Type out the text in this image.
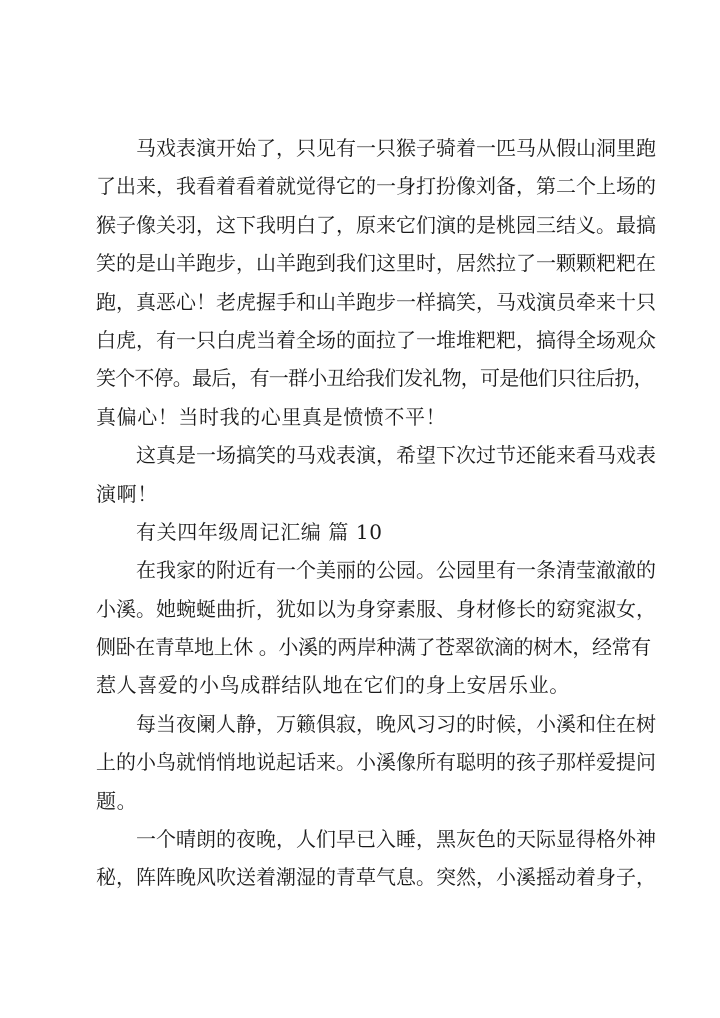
马戏表演开始了，只见有一只猴子骑着一匹马从假山洞里跑
了出来，我看着看着就觉得它的一身打扮像刘备，第二个上场的
猴子像关羽，这下我明白了，原来它们演的是桃园三结义。最搞
笑的是山羊跑步，山羊跑到我们这里时，居然拉了一颗颗粑粑在
跑，真恶心！老虎握手和山羊跑步一样搞笑，马戏演员牵来十只
白虎，有一只白虎当着全场的面拉了一堆堆粑粑，搞得全场观众
笑个不停。最后，有一群小丑给我们发礼物，可是他们只往后扔，
真偏心！当时我的心里真是愤愤不平！
这真是一场搞笑的马戏表演，希望下次过节还能来看马戏表
演啊！
有关四年级周记汇编 篇 10
在我家的附近有一个美丽的公园。公园里有一条清莹澈澈的
小溪。她蜿蜒曲折，犹如以为身穿素服、身材修长的窈窕淑女，
侧卧在青草地上休 。小溪的两岸种满了苍翠欲滴的树木，经常有
惹人喜爱的小鸟成群结队地在它们的身上安居乐业。
每当夜阑人静，万籁俱寂，晚风习习的时候，小溪和住在树
上的小鸟就悄悄地说起话来。小溪像所有聪明的孩子那样爱提问
题。
一个晴朗的夜晚，人们早已入睡，黑灰色的天际显得格外神
秘，阵阵晚风吹送着潮湿的青草气息。突然，小溪摇动着身子，
